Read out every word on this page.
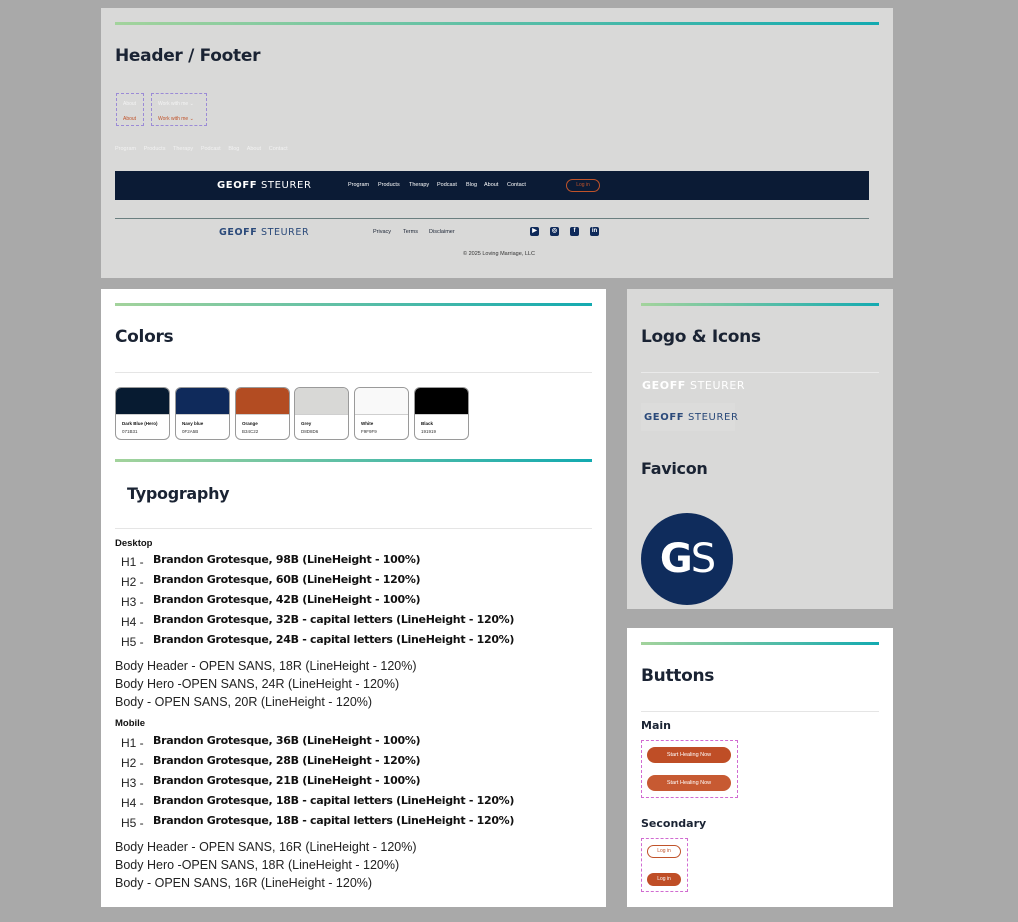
Header / Footer
About
About
Work with me ⌄
Work with me ⌄
Program Products Therapy Podcast Blog About Contact
GEOFF STEURER	Program Products Therapy Podcast Blog About Contact	Log in
GEOFF STEURER	Privacy Terms Disclaimer	▶	◎	f	in
© 2025 Loving Marriage, LLC
Colors
Dark Blue (Hero)
071B31
Navy blue
0F2A5B
Orange
B34C22
Grey
D8D8D6
White
F9F9F9
Black
191919
Typography
Desktop
H1 - Brandon Grotesque, 98B (LineHeight - 100%)
H2 - Brandon Grotesque, 60B (LineHeight - 120%)
H3 - Brandon Grotesque, 42B (LineHeight - 100%)
H4 - Brandon Grotesque, 32B - capital letters (LineHeight - 120%)
H5 - Brandon Grotesque, 24B - capital letters (LineHeight - 120%)
Body Header - OPEN SANS, 18R (LineHeight - 120%)
Body Hero -OPEN SANS, 24R (LineHeight - 120%)
Body - OPEN SANS, 20R (LineHeight - 120%)
Mobile
H1 - Brandon Grotesque, 36B (LineHeight - 100%)
H2 - Brandon Grotesque, 28B (LineHeight - 120%)
H3 - Brandon Grotesque, 21B (LineHeight - 100%)
H4 - Brandon Grotesque, 18B - capital letters (LineHeight - 120%)
H5 - Brandon Grotesque, 18B - capital letters (LineHeight - 120%)
Body Header - OPEN SANS, 16R (LineHeight - 120%)
Body Hero -OPEN SANS, 18R (LineHeight - 120%)
Body - OPEN SANS, 16R (LineHeight - 120%)
Logo & Icons
GEOFF STEURER
GEOFF STEURER
Favicon
GS
Buttons
Main
Start Healing Now
Start Healing Now
Secondary
Log in
Log in
